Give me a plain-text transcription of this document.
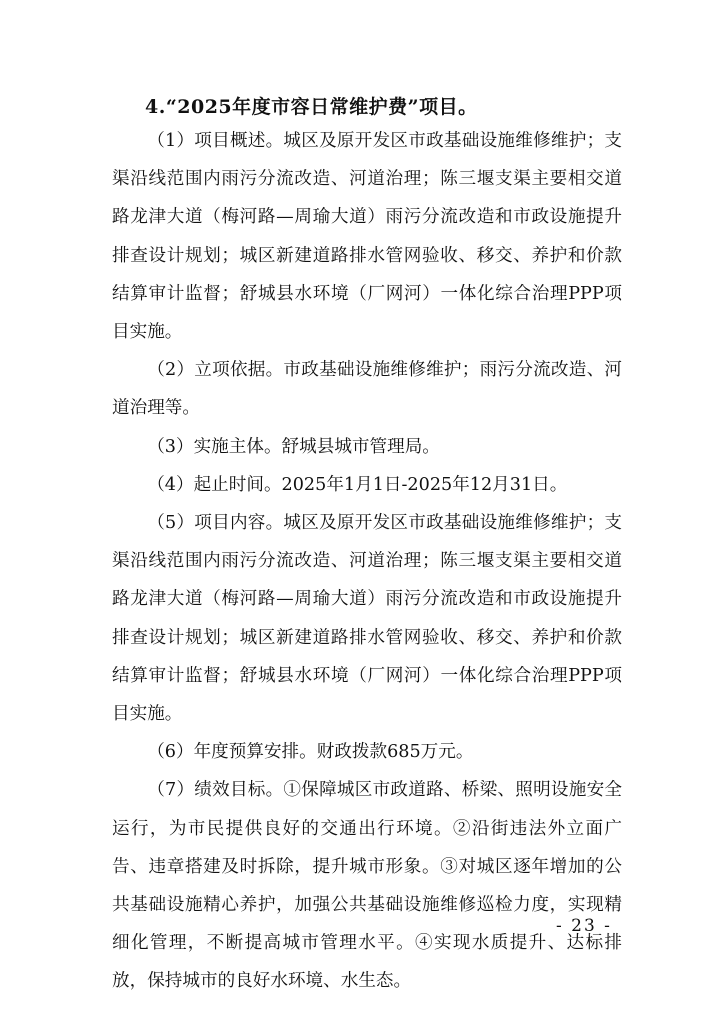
4.“2025年度市容日常维护费”项目。

（1）项目概述。城区及原开发区市政基础设施维修维护；支渠沿线范围内雨污分流改造、河道治理；陈三堰支渠主要相交道路龙津大道（梅河路—周瑜大道）雨污分流改造和市政设施提升排查设计规划；城区新建道路排水管网验收、移交、养护和价款结算审计监督；舒城县水环境（厂网河）一体化综合治理PPP项目实施。

（2）立项依据。市政基础设施维修维护；雨污分流改造、河道治理等。

（3）实施主体。舒城县城市管理局。

（4）起止时间。2025年1月1日-2025年12月31日。

（5）项目内容。城区及原开发区市政基础设施维修维护；支渠沿线范围内雨污分流改造、河道治理；陈三堰支渠主要相交道路龙津大道（梅河路—周瑜大道）雨污分流改造和市政设施提升排查设计规划；城区新建道路排水管网验收、移交、养护和价款结算审计监督；舒城县水环境（厂网河）一体化综合治理PPP项目实施。

（6）年度预算安排。财政拨款685万元。

（7）绩效目标。①保障城区市政道路、桥梁、照明设施安全运行，为市民提供良好的交通出行环境。②沿街违法外立面广告、违章搭建及时拆除，提升城市形象。③对城区逐年增加的公共基础设施精心养护，加强公共基础设施维修巡检力度，实现精细化管理，不断提高城市管理水平。④实现水质提升、达标排放，保持城市的良好水环境、水生态。

- 23 -
